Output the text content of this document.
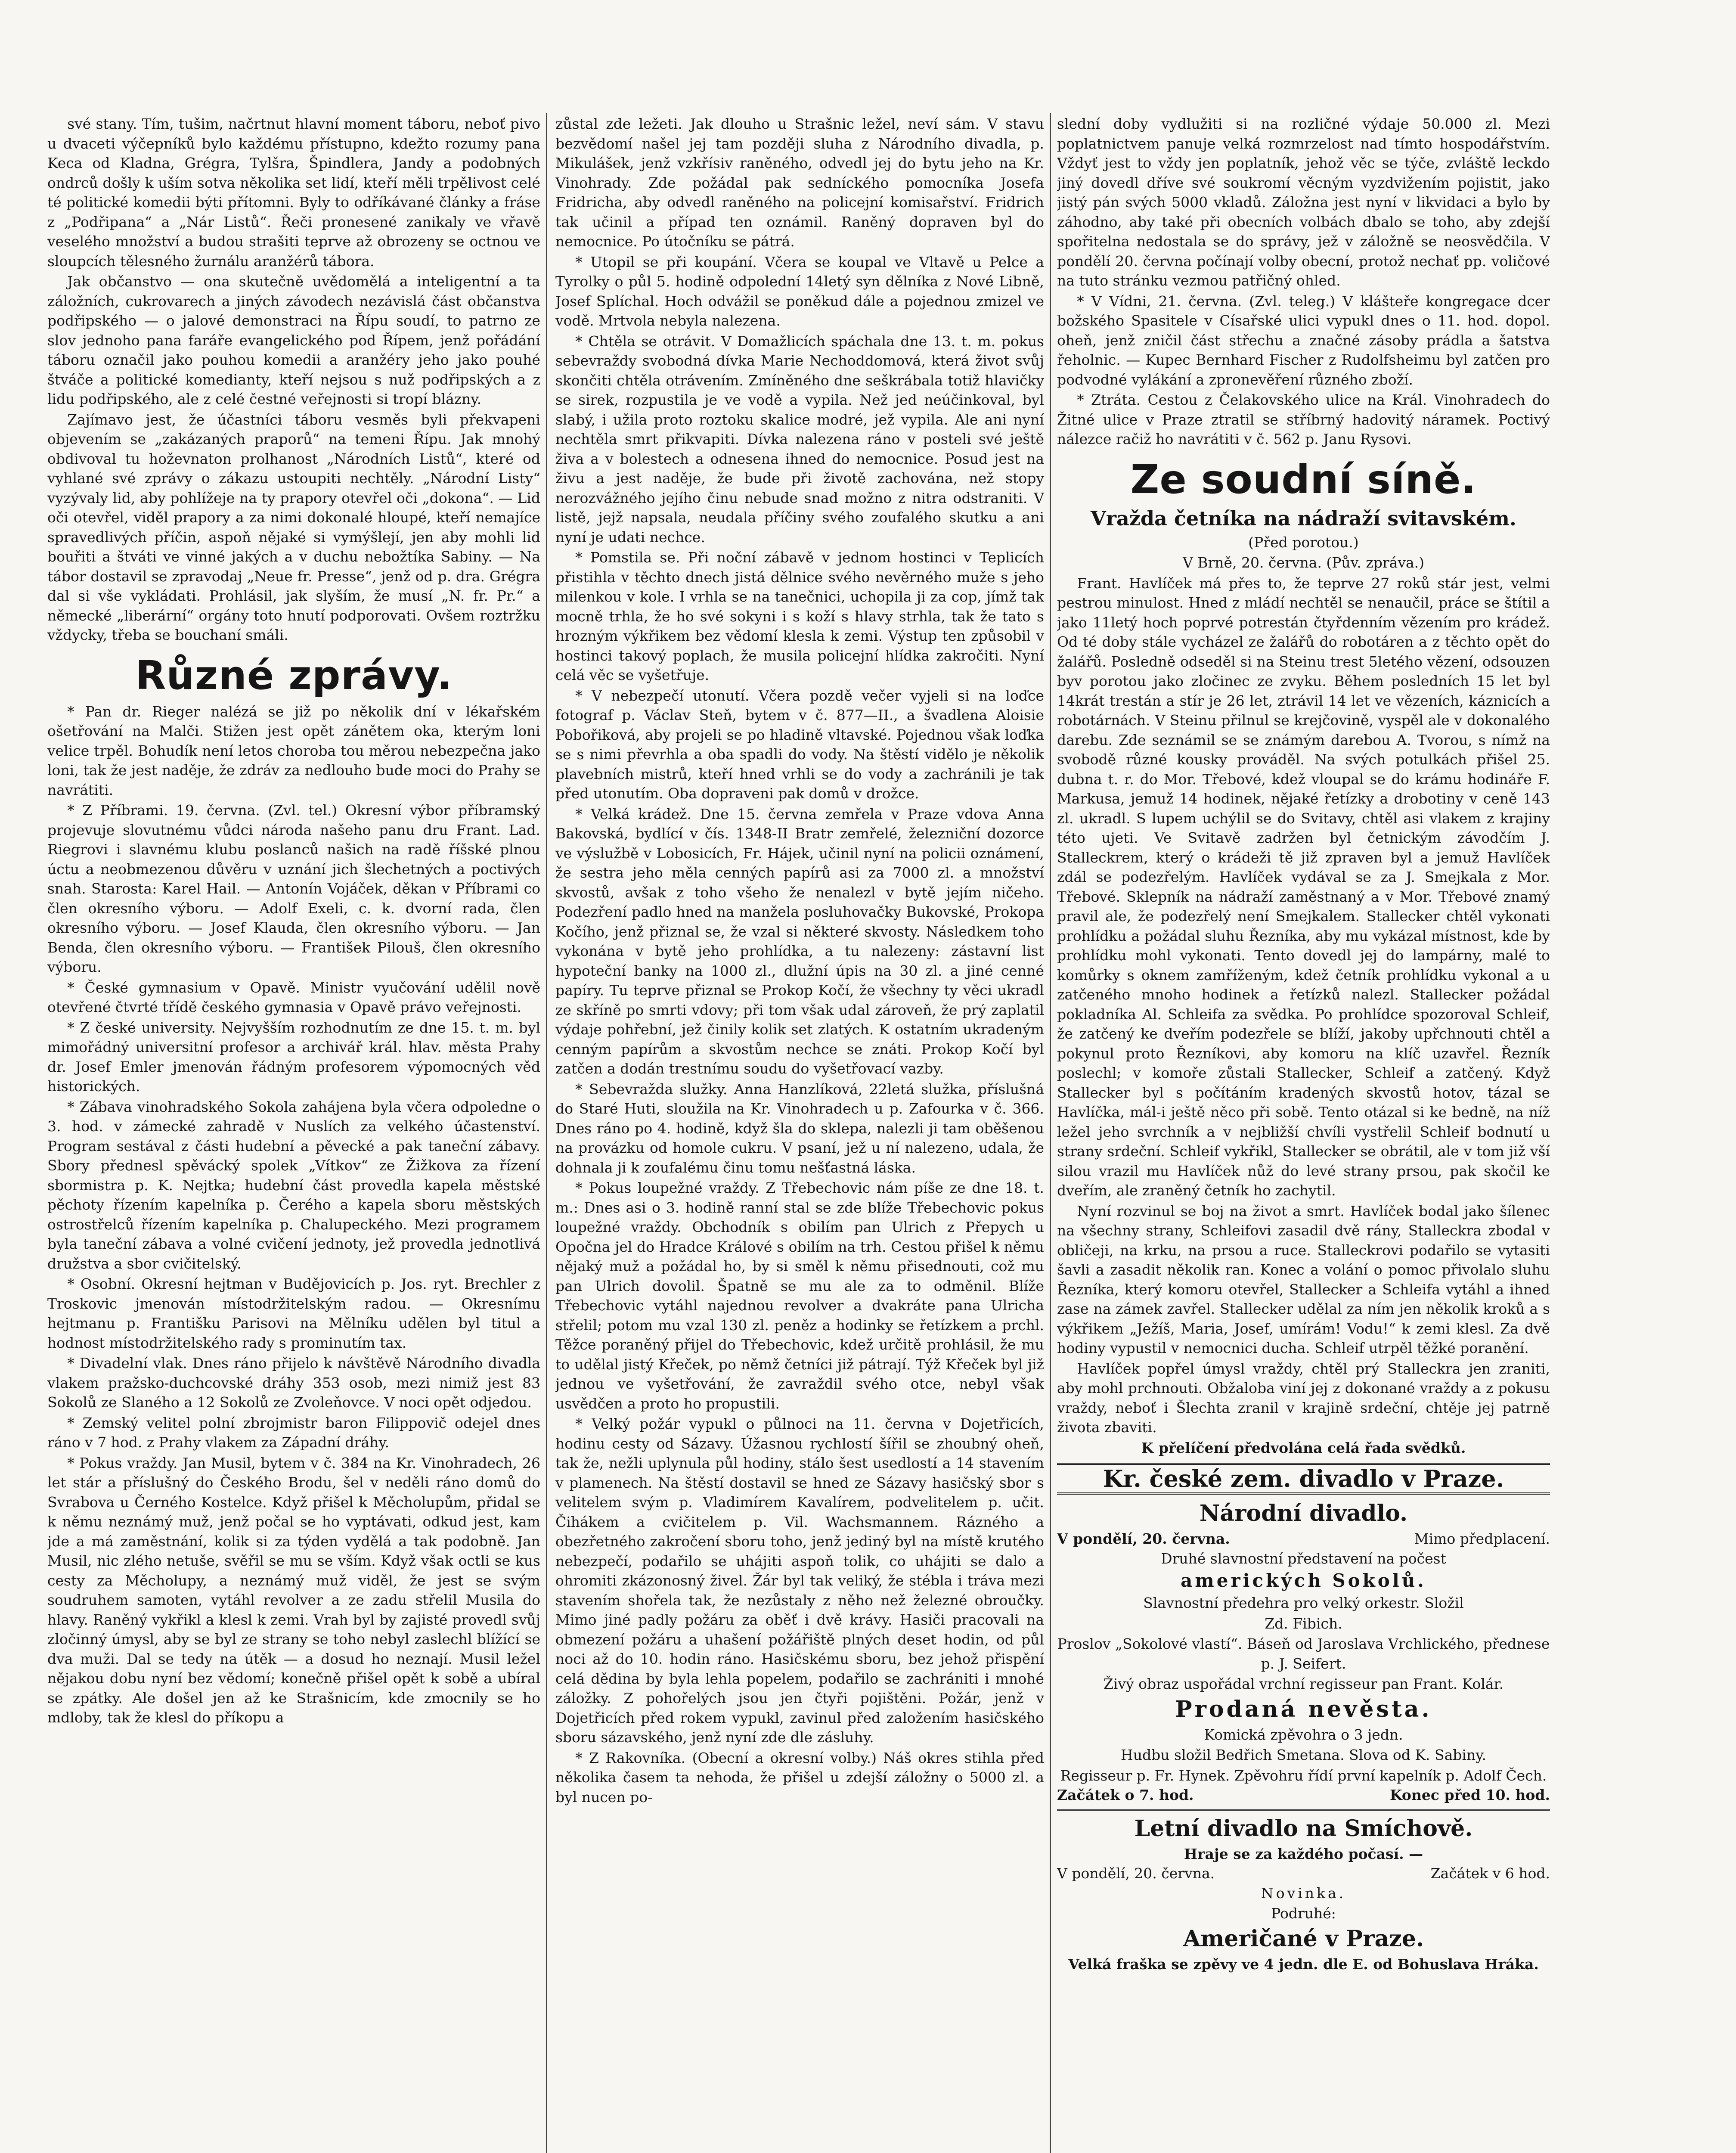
své stany. Tím, tušim, načrtnut hlavní moment táboru, neboť pivo u dvaceti výčepníků bylo každému přístupno, kdežto rozumy pana Keca od Kladna, Grégra, Tylšra, Špindlera, Jandy a podobných ondrců došly k uším sotva několika set lidí, kteří měli trpělivost celé té politické komedii býti přítomni. Byly to odříkávané články a fráse z „Podřipana“ a „Nár Listů“. Řeči pronesené zanikaly ve vřavě veselého množství a budou strašiti teprve až obrozeny se octnou ve sloupcích tělesného žurnálu aranžérů tábora.

Jak občanstvo — ona skutečně uvědomělá a inteligentní a ta záložních, cukrovarech a jiných závodech nezávislá část občanstva podřipského — o jalové demonstraci na Řípu soudí, to patrno ze slov jednoho pana faráře evangelického pod Řípem, jenž pořádání táboru označil jako pouhou komedii a aranžéry jeho jako pouhé štváče a politické komedianty, kteří nejsou s nuž podřipských a z lidu podřipského, ale z celé čestné veřejnosti si tropí blázny.

Zajímavo jest, že účastníci táboru vesměs byli překvapeni objevením se „zakázaných praporů“ na temeni Řípu. Jak mnohý obdivoval tu hoževnaton prolhanost „Národních Listů“, které od vyhlané své zprávy o zákazu ustoupiti nechtěly. „Národní Listy“ vyzývaly lid, aby pohlížeje na ty prapory otevřel oči „dokona“. — Lid oči otevřel, viděl prapory a za nimi dokonalé hloupé, kteří nemajíce spravedlivých příčin, aspoň nějaké si vymýšlejí, jen aby mohli lid bouřiti a štváti ve vinné jakých a v duchu nebožtíka Sabiny. — Na tábor dostavil se zpravodaj „Neue fr. Presse“, jenž od p. dra. Grégra dal si vše vykládati. Prohlásil, jak slyším, že musí „N. fr. Pr.“ a německé „liberární“ orgány toto hnutí podporovati. Ovšem roztržku vždycky, třeba se bouchaní smáli.

Různé zprávy.

* Pan dr. Rieger nalézá se již po několik dní v lékařském ošetřování na Malči. Stižen jest opět zánětem oka, kterým loni velice trpěl. Bohudík není letos choroba tou měrou nebezpečna jako loni, tak že jest naděje, že zdráv za nedlouho bude moci do Prahy se navrátiti.

* Z Příbrami. 19. června. (Zvl. tel.) Okresní výbor příbramský projevuje slovutnému vůdci národa našeho panu dru Frant. Lad. Riegrovi i slavnému klubu poslanců našich na radě říšské plnou úctu a neobmezenou důvěru v uznání jich šlechetných a poctivých snah. Starosta: Karel Hail. — Antonín Vojáček, děkan v Příbrami co člen okresního výboru. — Adolf Exeli, c. k. dvorní rada, člen okresního výboru. — Josef Klauda, člen okresního výboru. — Jan Benda, člen okresního výboru. — František Pilouš, člen okresního výboru.

* České gymnasium v Opavě. Ministr vyučování udělil nově otevřené čtvrté třídě českého gymnasia v Opavě právo veřejnosti.

* Z české university. Nejvyšším rozhodnutím ze dne 15. t. m. byl mimořádný universitní profesor a archivář král. hlav. města Prahy dr. Josef Emler jmenován řádným profesorem výpomocných věd historických.

* Zábava vinohradského Sokola zahájena byla včera odpoledne o 3. hod. v zámecké zahradě v Nuslích za velkého účastenství. Program sestával z části hudební a pěvecké a pak taneční zábavy. Sbory přednesl spěvácký spolek „Vítkov“ ze Žižkova za řízení sbormistra p. K. Nejtka; hudební část provedla kapela městské pěchoty řízením kapelníka p. Čerého a kapela sboru městských ostrostřelců řízením kapelníka p. Chalupeckého. Mezi programem byla taneční zábava a volné cvičení jednoty, jež provedla jednotlivá družstva a sbor cvičitelský.

* Osobní. Okresní hejtman v Budějovicích p. Jos. ryt. Brechler z Troskovic jmenován místodržitelským radou. — Okresnímu hejtmanu p. Františku Parisovi na Mělníku udělen byl titul a hodnost místodržitelského rady s prominutím tax.

* Divadelní vlak. Dnes ráno přijelo k návštěvě Národního divadla vlakem pražsko-duchcovské dráhy 353 osob, mezi nimiž jest 83 Sokolů ze Slaného a 12 Sokolů ze Zvoleňovce. V noci opět odjedou.

* Zemský velitel polní zbrojmistr baron Filippovič odejel dnes ráno v 7 hod. z Prahy vlakem za Západní dráhy.

* Pokus vraždy. Jan Musil, bytem v č. 384 na Kr. Vinohradech, 26 let stár a příslušný do Českého Brodu, šel v neděli ráno domů do Svrabova u Černého Kostelce. Když přišel k Měcholupům, přidal se k němu neznámý muž, jenž počal se ho vyptávati, odkud jest, kam jde a má zaměstnání, kolik si za týden vydělá a tak podobně. Jan Musil, nic zlého netuše, svěřil se mu se vším. Když však octli se kus cesty za Měcholupy, a neznámý muž viděl, že jest se svým soudruhem samoten, vytáhl revolver a ze zadu střelil Musila do hlavy. Raněný vykřikl a klesl k zemi. Vrah byl by zajisté provedl svůj zločinný úmysl, aby se byl ze strany se toho nebyl zaslechl blížící se dva muži. Dal se tedy na útěk — a dosud ho neznají. Musil ležel nějakou dobu nyní bez vědomí; konečně přišel opět k sobě a ubíral se zpátky. Ale došel jen až ke Strašnicím, kde zmocnily se ho mdloby, tak že klesl do příkopu a

zůstal zde ležeti. Jak dlouho u Strašnic ležel, neví sám. V stavu bezvědomí našel jej tam později sluha z Národního divadla, p. Mikulášek, jenž vzkřísiv raněného, odvedl jej do bytu jeho na Kr. Vinohrady. Zde požádal pak sedníckého pomocníka Josefa Fridricha, aby odvedl raněného na policejní komisařství. Fridrich tak učinil a případ ten oznámil. Raněný dopraven byl do nemocnice. Po útočníku se pátrá.

* Utopil se při koupání. Včera se koupal ve Vltavě u Pelce a Tyrolky o půl 5. hodině odpolední 14letý syn dělníka z Nové Libně, Josef Splíchal. Hoch odvážil se poněkud dále a pojednou zmizel ve vodě. Mrtvola nebyla nalezena.

* Chtěla se otrávit. V Domažlicích spáchala dne 13. t. m. pokus sebevraždy svobodná dívka Marie Nechoddomová, která život svůj skončiti chtěla otrávením. Zmíněného dne seškrábala totiž hlavičky se sirek, rozpustila je ve vodě a vypila. Než jed neúčinkoval, byl slabý, i užila proto roztoku skalice modré, jež vypila. Ale ani nyní nechtěla smrt přikvapiti. Dívka nalezena ráno v posteli své ještě živa a v bolestech a odnesena ihned do nemocnice. Posud jest na živu a jest naděje, že bude při životě zachována, než stopy nerozvážného jejího činu nebude snad možno z nitra odstraniti. V listě, jejž napsala, neudala příčiny svého zoufalého skutku a ani nyní je udati nechce.

* Pomstila se. Při noční zábavě v jednom hostinci v Teplicích přistihla v těchto dnech jistá dělnice svého nevěrného muže s jeho milenkou v kole. I vrhla se na tanečnici, uchopila ji za cop, jímž tak mocně trhla, že ho své sokyni i s koží s hlavy strhla, tak že tato s hrozným výkřikem bez vědomí klesla k zemi. Výstup ten způsobil v hostinci takový poplach, že musila policejní hlídka zakročiti. Nyní celá věc se vyšetřuje.

* V nebezpečí utonutí. Včera pozdě večer vyjeli si na loďce fotograf p. Václav Steň, bytem v č. 877—II., a švadlena Aloisie Pobořiková, aby projeli se po hladině vltavské. Pojednou však loďka se s nimi převrhla a oba spadli do vody. Na štěstí vidělo je několik plavebních mistrů, kteří hned vrhli se do vody a zachránili je tak před utonutím. Oba dopraveni pak domů v drožce.

* Velká krádež. Dne 15. června zemřela v Praze vdova Anna Bakovská, bydlící v čís. 1348-II Bratr zemřelé, železniční dozorce ve výslužbě v Lobosicích, Fr. Hájek, učinil nyní na policii oznámení, že sestra jeho měla cenných papírů asi za 7000 zl. a množství skvostů, avšak z toho všeho že nenalezl v bytě jejím ničeho. Podezření padlo hned na manžela posluhovačky Bukovské, Prokopa Kočího, jenž přiznal se, že vzal si některé skvosty. Následkem toho vykonána v bytě jeho prohlídka, a tu nalezeny: zástavní list hypoteční banky na 1000 zl., dlužní úpis na 30 zl. a jiné cenné papíry. Tu teprve přiznal se Prokop Kočí, že všechny ty věci ukradl ze skříně po smrti vdovy; při tom však udal zároveň, že prý zaplatil výdaje pohřební, jež činily kolik set zlatých. K ostatním ukradeným cenným papírům a skvostům nechce se znáti. Prokop Kočí byl zatčen a dodán trestnímu soudu do vyšetřovací vazby.

* Sebevražda služky. Anna Hanzlíková, 22letá služka, příslušná do Staré Huti, sloužila na Kr. Vinohradech u p. Zafourka v č. 366. Dnes ráno po 4. hodině, když šla do sklepa, nalezli ji tam oběšenou na provázku od homole cukru. V psaní, jež u ní nalezeno, udala, že dohnala ji k zoufalému činu tomu nešťastná láska.

* Pokus loupežné vraždy. Z Třebechovic nám píše ze dne 18. t. m.: Dnes asi o 3. hodině ranní stal se zde blíže Třebechovic pokus loupežné vraždy. Obchodník s obilím pan Ulrich z Přepych u Opočna jel do Hradce Králové s obilím na trh. Cestou přišel k němu nějaký muž a požádal ho, by si směl k němu přisednouti, což mu pan Ulrich dovolil. Špatně se mu ale za to odměnil. Blíže Třebechovic vytáhl najednou revolver a dvakráte pana Ulricha střelil; potom mu vzal 130 zl. peněz a hodinky se řetízkem a prchl. Těžce poraněný přijel do Třebechovic, kdež určitě prohlásil, že mu to udělal jistý Křeček, po němž četníci již pátrají. Týž Křeček byl již jednou ve vyšetřování, že zavraždil svého otce, nebyl však usvědčen a proto ho propustili.

* Velký požár vypukl o půlnoci na 11. června v Dojetřicích, hodinu cesty od Sázavy. Úžasnou rychlostí šířil se zhoubný oheň, tak že, nežli uplynula půl hodiny, stálo šest usedlostí a 14 stavením v plamenech. Na štěstí dostavil se hned ze Sázavy hasičský sbor s velitelem svým p. Vladimírem Kavalírem, podvelitelem p. učit. Čihákem a cvičitelem p. Vil. Wachsmannem. Rázného a obezřetného zakročení sboru toho, jenž jediný byl na místě krutého nebezpečí, podařilo se uhájiti aspoň tolik, co uhájiti se dalo a ohromiti zkázonosný živel. Žár byl tak veliký, že stébla i tráva mezi stavením shořela tak, že nezůstaly z něho než železné obroučky. Mimo jiné padly požáru za oběť i dvě krávy. Hasiči pracovali na obmezení požáru a uhašení požářiště plných deset hodin, od půl noci až do 10. hodin ráno. Hasičskému sboru, bez jehož přispění celá dědina by byla lehla popelem, podařilo se zachrániti i mnohé záložky. Z pohořelých jsou jen čtyři pojištěni. Požár, jenž v Dojetřicích před rokem vypukl, zavinul před založením hasičského sboru sázavského, jenž nyní zde dle zásluhy.

* Z Rakovníka. (Obecní a okresní volby.) Náš okres stihla před několika časem ta nehoda, že přišel u zdejší záložny o 5000 zl. a byl nucen po-

slední doby vydlužiti si na rozličné výdaje 50.000 zl. Mezi poplatnictvem panuje velká rozmrzelost nad tímto hospodářstvím. Vždyť jest to vždy jen poplatník, jehož věc se týče, zvláště leckdo jiný dovedl dříve své soukromí věcným vyzdvižením pojistit, jako jistý pán svých 5000 vkladů. Záložna jest nyní v likvidaci a bylo by záhodno, aby také při obecních volbách dbalo se toho, aby zdejší spořitelna nedostala se do správy, jež v záložně se neosvědčila. V pondělí 20. června počínají volby obecní, protož nechať pp. voličové na tuto stránku vezmou patřičný ohled.

* V Vídni, 21. června. (Zvl. teleg.) V klášteře kongregace dcer božského Spasitele v Císařské ulici vypukl dnes o 11. hod. dopol. oheň, jenž zničil část střechu a značné zásoby prádla a šatstva řeholnic. — Kupec Bernhard Fischer z Rudolfsheimu byl zatčen pro podvodné vylákání a zpronevěření různého zboží.

* Ztráta. Cestou z Čelakovského ulice na Král. Vinohradech do Žitné ulice v Praze ztratil se stříbrný hadovitý náramek. Poctivý nálezce račiž ho navrátiti v č. 562 p. Janu Rysovi.

Ze soudní síně.
Vražda četníka na nádraží svitavském.

(Před porotou.)

V Brně, 20. června. (Pův. zpráva.)

Frant. Havlíček má přes to, že teprve 27 roků stár jest, velmi pestrou minulost. Hned z mládí nechtěl se nenaučil, práce se štítil a jako 11letý hoch poprvé potrestán čtyřdenním vězením pro krádež. Od té doby stále vycházel ze žalářů do robotáren a z těchto opět do žalářů. Posledně odseděl si na Steinu trest 5letého vězení, odsouzen byv porotou jako zločinec ze zvyku. Během posledních 15 let byl 14krát trestán a stír je 26 let, ztrávil 14 let ve vězeních, káznicích a robotárnách. V Steinu přilnul se krejčovině, vyspěl ale v dokonalého darebu. Zde seznámil se se známým darebou A. Tvorou, s nímž na svobodě různé kousky prováděl. Na svých potulkách přišel 25. dubna t. r. do Mor. Třebové, kdež vloupal se do krámu hodináře F. Markusa, jemuž 14 hodinek, nějaké řetízky a drobotiny v ceně 143 zl. ukradl. S lupem uchýlil se do Svitavy, chtěl asi vlakem z krajiny této ujeti. Ve Svitavě zadržen byl četnickým závodčím J. Stalleckrem, který o krádeži tě již zpraven byl a jemuž Havlíček zdál se podezřelým. Havlíček vydával se za J. Smejkala z Mor. Třebové. Sklepník na nádraží zaměstnaný a v Mor. Třebové znamý pravil ale, že podezřelý není Smejkalem. Stallecker chtěl vykonati prohlídku a požádal sluhu Řezníka, aby mu vykázal místnost, kde by prohlídku mohl vykonati. Tento dovedl jej do lampárny, malé to komůrky s oknem zamříženým, kdež četník prohlídku vykonal a u zatčeného mnoho hodinek a řetízků nalezl. Stallecker požádal pokladníka Al. Schleifa za svědka. Po prohlídce spozoroval Schleif, že zatčený ke dveřím podezřele se blíží, jakoby upřchnouti chtěl a pokynul proto Řezníkovi, aby komoru na klíč uzavřel. Řezník poslechl; v komoře zůstali Stallecker, Schleif a zatčený. Když Stallecker byl s počítáním kradených skvostů hotov, tázal se Havlíčka, mál-i ještě něco při sobě. Tento otázal si ke bedně, na níž ležel jeho svrchník a v nejbližší chvíli vystřelil Schleif bodnutí u strany srdeční. Schleif vykřikl, Stallecker se obrátil, ale v tom již vší silou vrazil mu Havlíček nůž do levé strany prsou, pak skočil ke dveřím, ale zraněný četník ho zachytil.

Nyní rozvinul se boj na život a smrt. Havlíček bodal jako šílenec na všechny strany, Schleifovi zasadil dvě rány, Stalleckra zbodal v obličeji, na krku, na prsou a ruce. Stalleckrovi podařilo se vytasiti šavli a zasadit několik ran. Konec a volání o pomoc přivolalo sluhu Řezníka, který komoru otevřel, Stallecker a Schleifa vytáhl a ihned zase na zámek zavřel. Stallecker udělal za ním jen několik kroků a s výkřikem „Ježíš, Maria, Josef, umírám! Vodu!“ k zemi klesl. Za dvě hodiny vypustil v nemocnici ducha. Schleif utrpěl těžké poranění.

Havlíček popřel úmysl vraždy, chtěl prý Stalleckra jen zraniti, aby mohl prchnouti. Obžaloba viní jej z dokonané vraždy a z pokusu vraždy, neboť i Šlechta zranil v krajině srdeční, chtěje jej patrně života zbaviti.

K přelíčení předvolána celá řada svědků.

Kr. české zem. divadlo v Praze.
Národní divadlo.
V pondělí, 20. června.	Mimo předplacení.

Druhé slavnostní představení na počest

amerických Sokolů.

Slavnostní předehra pro velký orkestr. Složil

Zd. Fibich.

Proslov „Sokolové vlastí“. Báseň od Jaroslava Vrchlického, přednese p. J. Seifert.

Živý obraz uspořádal vrchní regisseur pan Frant. Kolár.

Prodaná nevěsta.

Komická zpěvohra o 3 jedn.

Hudbu složil Bedřich Smetana. Slova od K. Sabiny.

Regisseur p. Fr. Hynek. Zpěvohru řídí první kapelník p. Adolf Čech.

Začátek o 7. hod.	Konec před 10. hod.
Letní divadlo na Smíchově.

Hraje se za každého počasí. —

V pondělí, 20. června.	Začátek v 6 hod.

Novinka.

Podruhé:

Američané v Praze.

Velká fraška se zpěvy ve 4 jedn. dle E. od Bohuslava Hráka.
